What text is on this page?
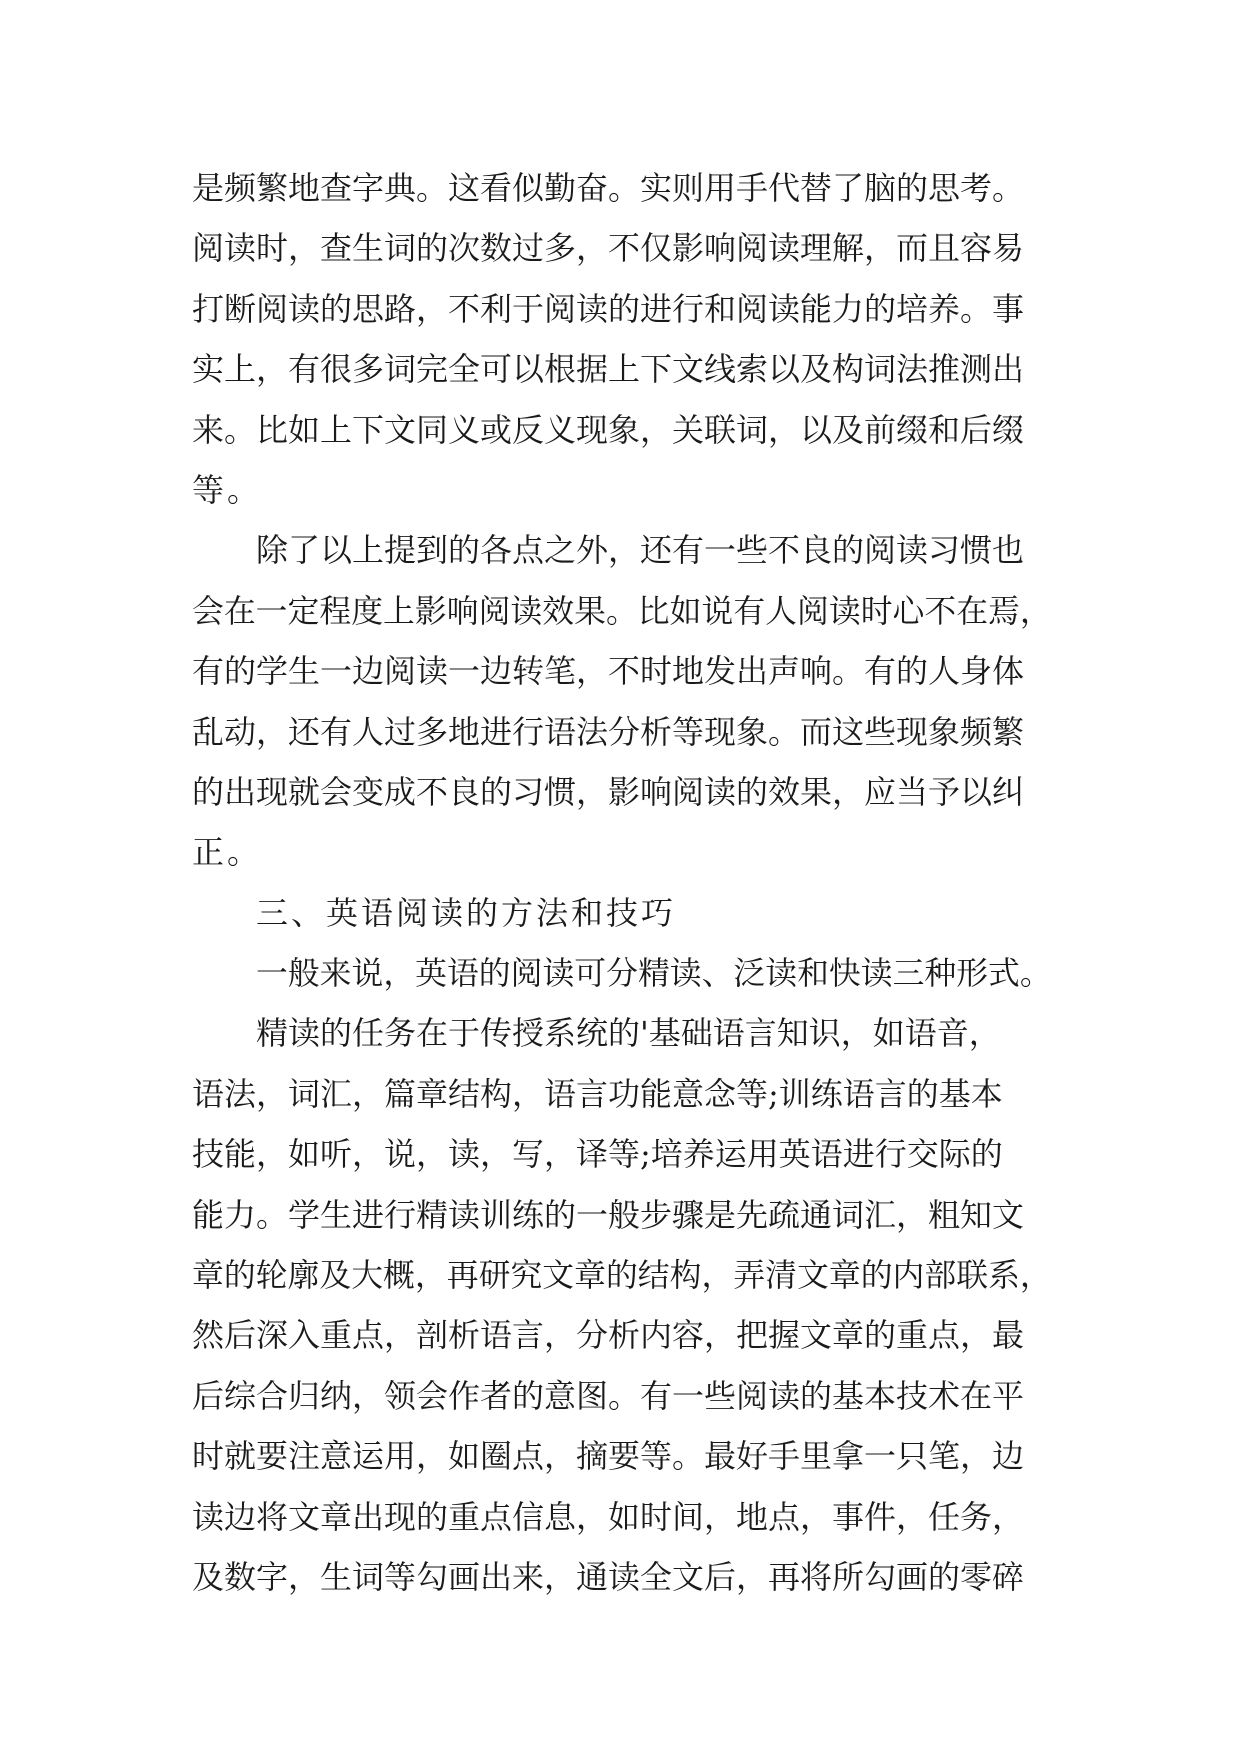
是频繁地查字典。这看似勤奋。实则用手代替了脑的思考。
阅读时，查生词的次数过多，不仅影响阅读理解，而且容易
打断阅读的思路，不利于阅读的进行和阅读能力的培养。事
实上，有很多词完全可以根据上下文线索以及构词法推测出
来。比如上下文同义或反义现象，关联词，以及前缀和后缀
等。
除了以上提到的各点之外，还有一些不良的阅读习惯也
会在一定程度上影响阅读效果。比如说有人阅读时心不在焉，
有的学生一边阅读一边转笔，不时地发出声响。有的人身体
乱动，还有人过多地进行语法分析等现象。而这些现象频繁
的出现就会变成不良的习惯，影响阅读的效果，应当予以纠
正。
三、英语阅读的方法和技巧
一般来说，英语的阅读可分精读、泛读和快读三种形式。
精读的任务在于传授系统的'基础语言知识，如语音，
语法，词汇，篇章结构，语言功能意念等;训练语言的基本
技能，如听，说，读，写，译等;培养运用英语进行交际的
能力。学生进行精读训练的一般步骤是先疏通词汇，粗知文
章的轮廓及大概，再研究文章的结构，弄清文章的内部联系，
然后深入重点，剖析语言，分析内容，把握文章的重点，最
后综合归纳，领会作者的意图。有一些阅读的基本技术在平
时就要注意运用，如圈点，摘要等。最好手里拿一只笔，边
读边将文章出现的重点信息，如时间，地点，事件，任务，
及数字，生词等勾画出来，通读全文后，再将所勾画的零碎
